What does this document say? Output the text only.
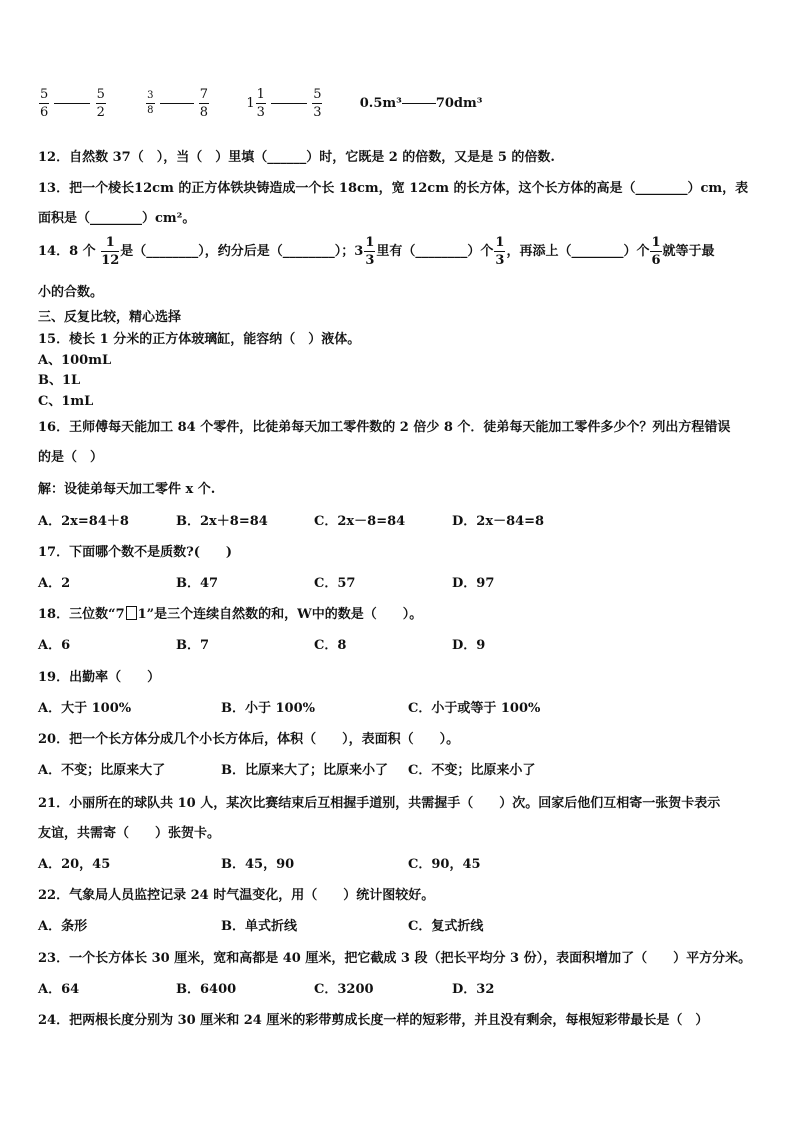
$\frac{5}{6}$
	$\frac{5}{2}$
	$\frac{3}{8}$
	$\frac{7}{8}$
	$1 \frac{1}{3}$
	$\frac{5}{3}$	0.5m³	70dm³
12．自然数 37（　），当（　）里填（______）时，它既是 2 的倍数，又是是 5 的倍数.
13．把一个棱长12cm 的正方体铁块铸造成一个长 18cm，宽 12cm 的长方体，这个长方体的高是（________）cm，表
面积是（________）cm²。
14．8 个 $\frac{1}{12}$ 是（________），约分后是（________）；$3 \frac{1}{3}$ 里有（________）个 $\frac{1}{3}$ ，再添上（________）个 $\frac{1}{6}$ 就等于最
小的合数。
三、反复比较，精心选择
15．棱长 1 分米的正方体玻璃缸，能容纳（　）液体。
A、100mL
B、1L
C、1mL
16．王师傅每天能加工 84 个零件，比徒弟每天加工零件数的 2 倍少 8 个．徒弟每天能加工零件多少个？列出方程错误
的是（　）
解：设徒弟每天加工零件 x 个.
A．2x=84＋8	B．2x＋8=84	C．2x－8=84	D．2x－84=8
17．下面哪个数不是质数?(　　)
A．2	B．47	C．57	D．97
18．三位数“7 1”是三个连续自然数的和，W中的数是（　　）。
A．6	B．7	C．8	D．9
19．出勤率（　　）
A．大于 100%	B．小于 100%	C．小于或等于 100%
20．把一个长方体分成几个小长方体后，体积（　　），表面积（　　）。
A．不变；比原来大了	B．比原来大了；比原来小了 C．不变；比原来小了
21．小丽所在的球队共 10 人，某次比赛结束后互相握手道别，共需握手（　　）次。回家后他们互相寄一张贺卡表示
友谊，共需寄（　　）张贺卡。
A．20，45	B．45，90	C．90，45
22．气象局人员监控记录 24 时气温变化，用（　　）统计图较好。
A．条形	B．单式折线	C．复式折线
23．一个长方体长 30 厘米，宽和高都是 40 厘米，把它截成 3 段（把长平均分 3 份），表面积增加了（　　）平方分米。
A．64	B．6400	C．3200	D．32
24．把两根长度分别为 30 厘米和 24 厘米的彩带剪成长度一样的短彩带，并且没有剩余，每根短彩带最长是（　）
